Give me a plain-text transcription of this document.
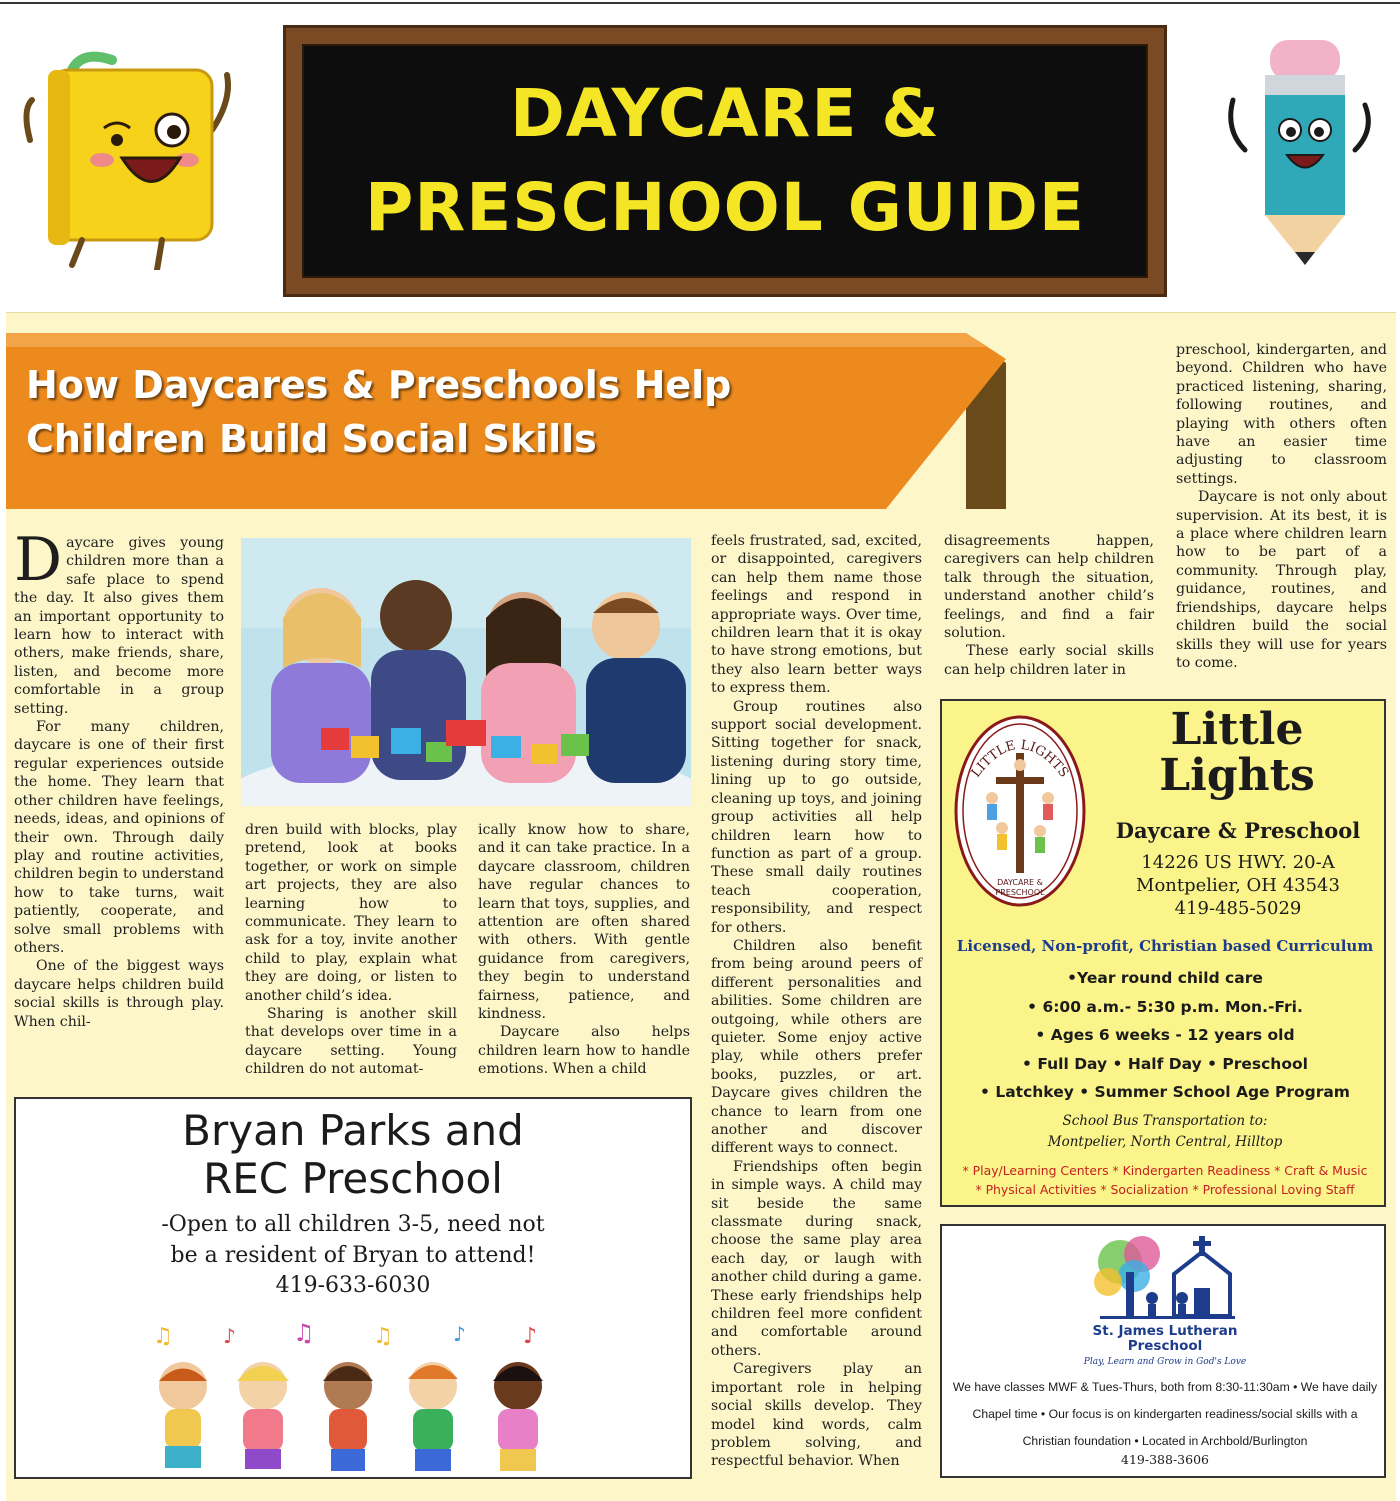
DAYCARE &
PRESCHOOL GUIDE
How Daycares & Preschools Help
Children Build Social Skills

Daycare gives young children more than a safe place to spend the day. It also gives them an important opportunity to learn how to interact with others, make friends, share, listen, and become more comfortable in a group setting.

For many children, daycare is one of their first regular experiences outside the home. They learn that other children have feelings, needs, ideas, and opinions of their own. Through daily play and routine activities, children begin to understand how to take turns, wait patiently, cooperate, and solve small problems with others.

One of the biggest ways daycare helps children build social skills is through play. When chil-

dren build with blocks, play pretend, look at books together, or work on simple art projects, they are also learning how to communicate. They learn to ask for a toy, invite another child to play, explain what they are doing, or listen to another child’s idea.

Sharing is another skill that develops over time in a daycare setting. Young children do not automat-

ically know how to share, and it can take practice. In a daycare classroom, children have regular chances to learn that toys, supplies, and attention are often shared with others. With gentle guidance from caregivers, they begin to understand fairness, patience, and kindness.

Daycare also helps children learn how to handle emotions. When a child

feels frustrated, sad, excited, or disappointed, caregivers can help them name those feelings and respond in appropriate ways. Over time, children learn that it is okay to have strong emotions, but they also learn better ways to express them.

Group routines also support social development. Sitting together for snack, listening during story time, lining up to go outside, cleaning up toys, and joining group activities all help children learn how to function as part of a group. These small daily routines teach cooperation, responsibility, and respect for others.

Children also benefit from being around peers of different personalities and abilities. Some children are outgoing, while others are quieter. Some enjoy active play, while others prefer books, puzzles, or art. Daycare gives children the chance to learn from one another and discover different ways to connect.

Friendships often begin in simple ways. A child may sit beside the same classmate during snack, choose the same play area each day, or laugh with another child during a game. These early friendships help children feel more confident and comfortable around others.

Caregivers play an important role in helping social skills develop. They model kind words, calm problem solving, and respectful behavior. When

disagreements happen, caregivers can help children talk through the situation, understand another child’s feelings, and find a fair solution.

These early social skills can help children later in

preschool, kindergarten, and beyond. Children who have practiced listening, sharing, following routines, and playing with others often have an easier time adjusting to classroom settings.

Daycare is not only about supervision. At its best, it is a place where children learn how to be part of a community. Through play, guidance, routines, and friendships, daycare helps children build the social skills they will use for years to come.

Bryan Parks and
REC Preschool
-Open to all children 3-5, need not
be a resident of Bryan to attend!
419-633-6030
♫	♪ ♫	♫	♪	♪
LITTLE LIGHTS
DAYCARE &
PRESCHOOL
Little
Lights
Daycare & Preschool
14226 US HWY. 20-A
Montpelier, OH 43543
419-485-5029
Licensed, Non-profit, Christian based Curriculum
•Year round child care
• 6:00 a.m.- 5:30 p.m. Mon.-Fri.
• Ages 6 weeks - 12 years old
• Full Day • Half Day • Preschool
• Latchkey • Summer School Age Program
School Bus Transportation to:
Montpelier, North Central, Hilltop
* Play/Learning Centers * Kindergarten Readiness * Craft & Music
* Physical Activities * Socialization * Professional Loving Staff
St. James Lutheran
Preschool
Play, Learn and Grow in God's Love
We have classes MWF & Tues-Thurs, both from 8:30-11:30am • We have daily Chapel time • Our focus is on kindergarten readiness/social skills with a Christian foundation • Located in Archbold/Burlington
419-388-3606
